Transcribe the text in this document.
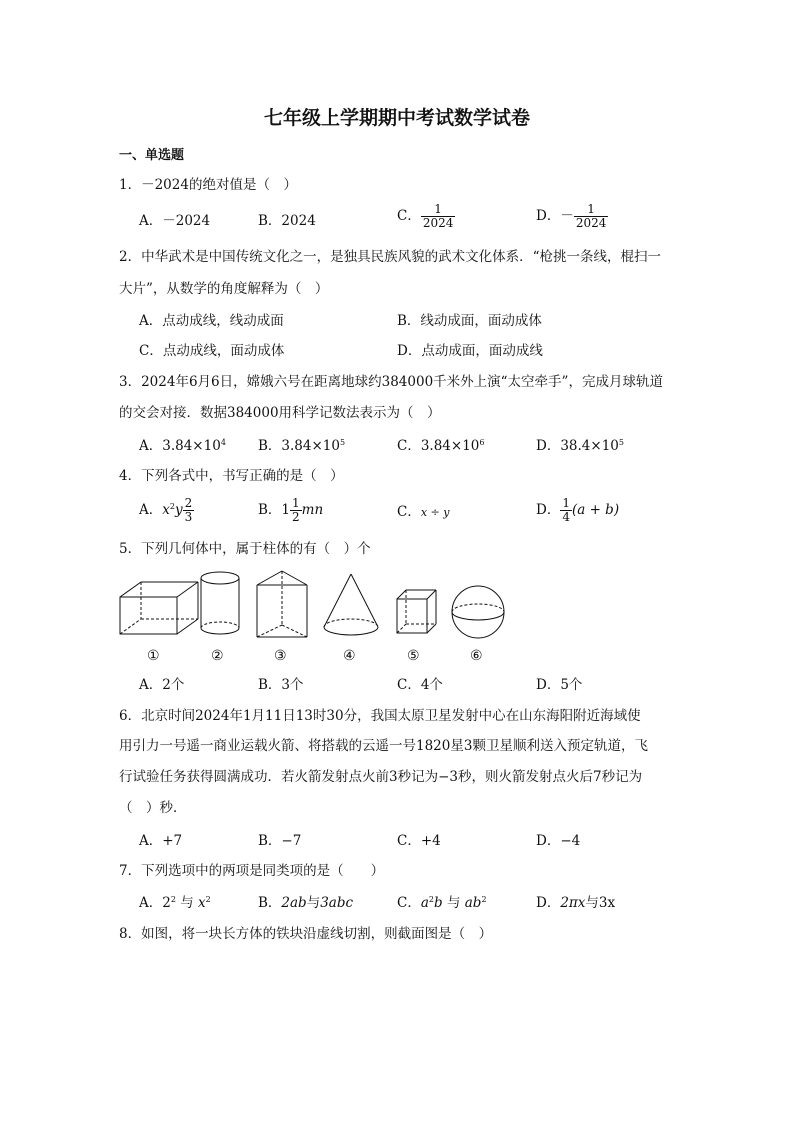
七年级上学期期中考试数学试卷
一、单选题
1．－2024的绝对值是（　）
A．－2024	B．2024	C． $\frac{1}{2024}$	D．－ $\frac{1}{2024}$
2．中华武术是中国传统文化之一，是独具民族风貌的武术文化体系．“枪挑一条线，棍扫一
大片”，从数学的角度解释为（　）
A．点动成线，线动成面	B．线动成面，面动成体
C．点动成线，面动成体	D．点动成面，面动成线
3．2024年6月6日，嫦娥六号在距离地球约384000千米外上演“太空牵手”，完成月球轨道
的交会对接．数据384000用科学记数法表示为（　）
A．$3.84\times 10^4$ B．$3.84\times 10^5$	C．$3.84\times 10^6$	D．$38.4\times 10^5$
4．下列各式中，书写正确的是（　）
A．$x^2y \frac{2}{3}$	B．$1 \frac{1}{2}$ mn	C．x ÷ y	D． $\frac{1}{4} (a + b)$
5．下列几何体中，属于柱体的有（　）个
①	②	③	④	⑤	⑥
A．2个	B．3个	C．4个	D．5个
6．北京时间2024年1月11日13时30分，我国太原卫星发射中心在山东海阳附近海域使
用引力一号遥一商业运载火箭、将搭载的云遥一号1820星3颗卫星顺利送入预定轨道，飞
行试验任务获得圆满成功．若火箭发射点火前3秒记为−3秒，则火箭发射点火后7秒记为
（　）秒．
A．+7	B．−7	C．+4	D．−4
7．下列选项中的两项是同类项的是（　　）
A．$2^2$ 与 $x^2$	B．2ab与3abc	C．$a^2b$ 与 $ab^2$	D．2πx与3x
8．如图，将一块长方体的铁块沿虚线切割，则截面图是（　）
